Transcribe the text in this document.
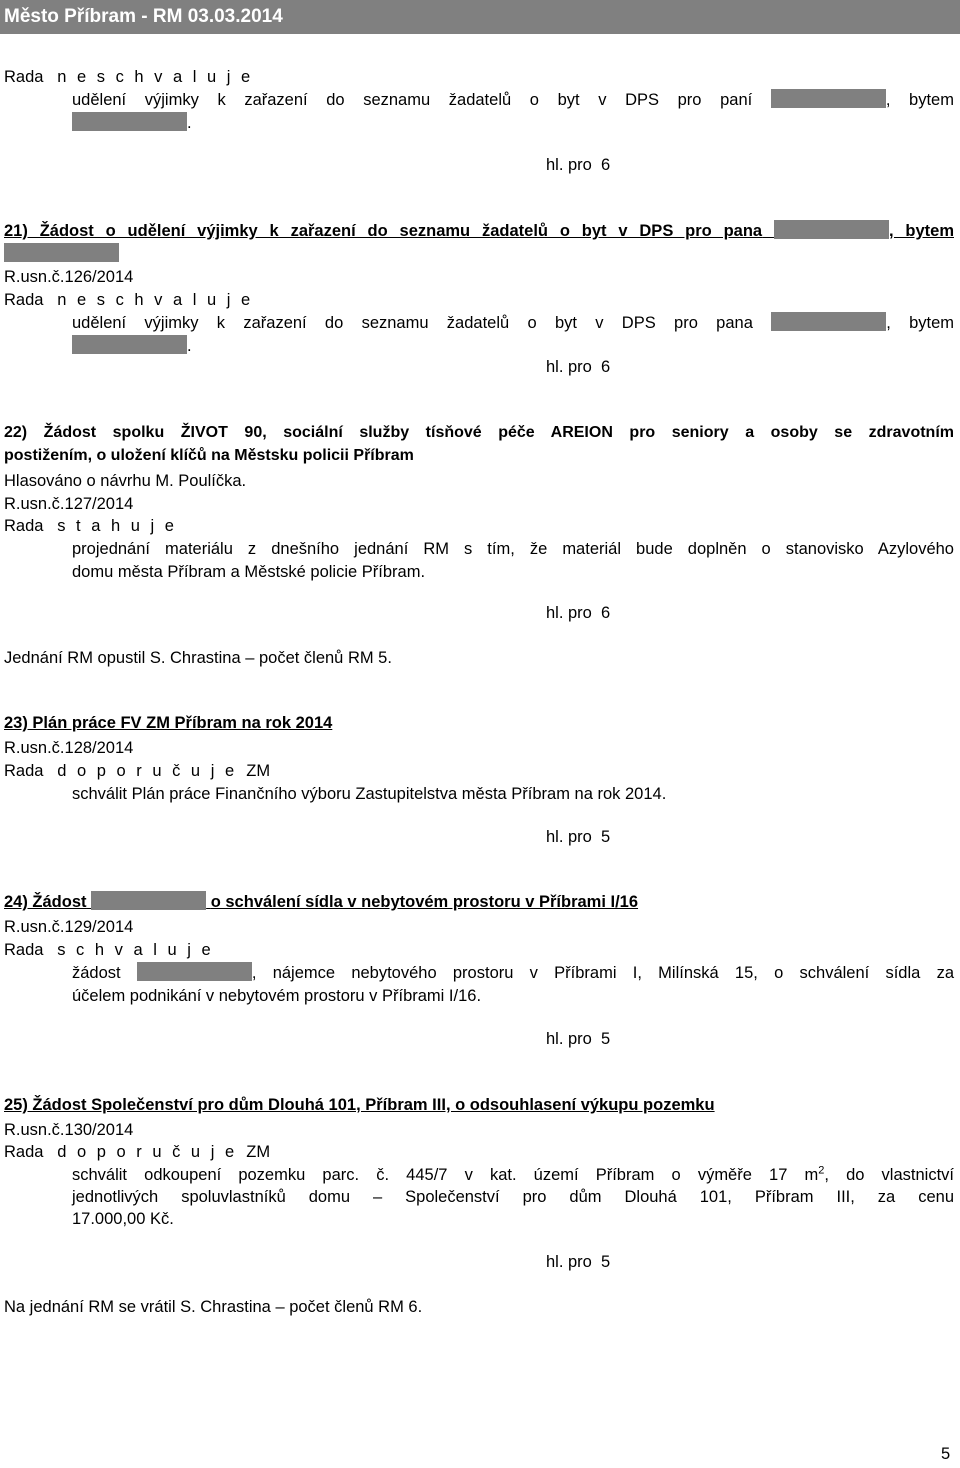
Město Příbram - RM 03.03.2014
Rada n e s c h v a l u j e
udělení výjimky k zařazení do seznamu žadatelů o byt v DPS pro paní	, bytem
.
hl. pro 6
21) Žádost o udělení výjimky k zařazení do seznamu žadatelů o byt v DPS pro pana	, bytem
R.usn.č.126/2014
Rada n e s c h v a l u j e
udělení výjimky k zařazení do seznamu žadatelů o byt v DPS pro pana	, bytem
.
hl. pro 6
22) Žádost spolku ŽIVOT 90, sociální služby tísňové péče AREION pro seniory a osoby se zdravotním
postižením, o uložení klíčů na Městsku policii Příbram
Hlasováno o návrhu M. Poulíčka.
R.usn.č.127/2014
Rada s t a h u j e
projednání materiálu z dnešního jednání RM s tím, že materiál bude doplněn o stanovisko Azylového
domu města Příbram a Městské policie Příbram.
hl. pro 6
Jednání RM opustil S. Chrastina – počet členů RM 5.
23) Plán práce FV ZM Příbram na rok 2014
R.usn.č.128/2014
Rada d o p o r u č u j e ZM
schválit Plán práce Finančního výboru Zastupitelstva města Příbram na rok 2014.
hl. pro 5
24) Žádost	o schválení sídla v nebytovém prostoru v Příbrami I/16
R.usn.č.129/2014
Rada s c h v a l u j e
žádost	, nájemce nebytového prostoru v Příbrami I, Milínská 15, o schválení sídla za
účelem podnikání v nebytovém prostoru v Příbrami I/16.
hl. pro 5
25) Žádost Společenství pro dům Dlouhá 101, Příbram III, o odsouhlasení výkupu pozemku
R.usn.č.130/2014
Rada d o p o r u č u j e ZM
schválit odkoupení pozemku parc. č. 445/7 v kat. území Příbram o výměře 17 $m^2$, do vlastnictví
jednotlivých spoluvlastníků domu – Společenství pro dům Dlouhá 101, Příbram III, za cenu
17.000,00 Kč.
hl. pro 5
Na jednání RM se vrátil S. Chrastina – počet členů RM 6.
5
